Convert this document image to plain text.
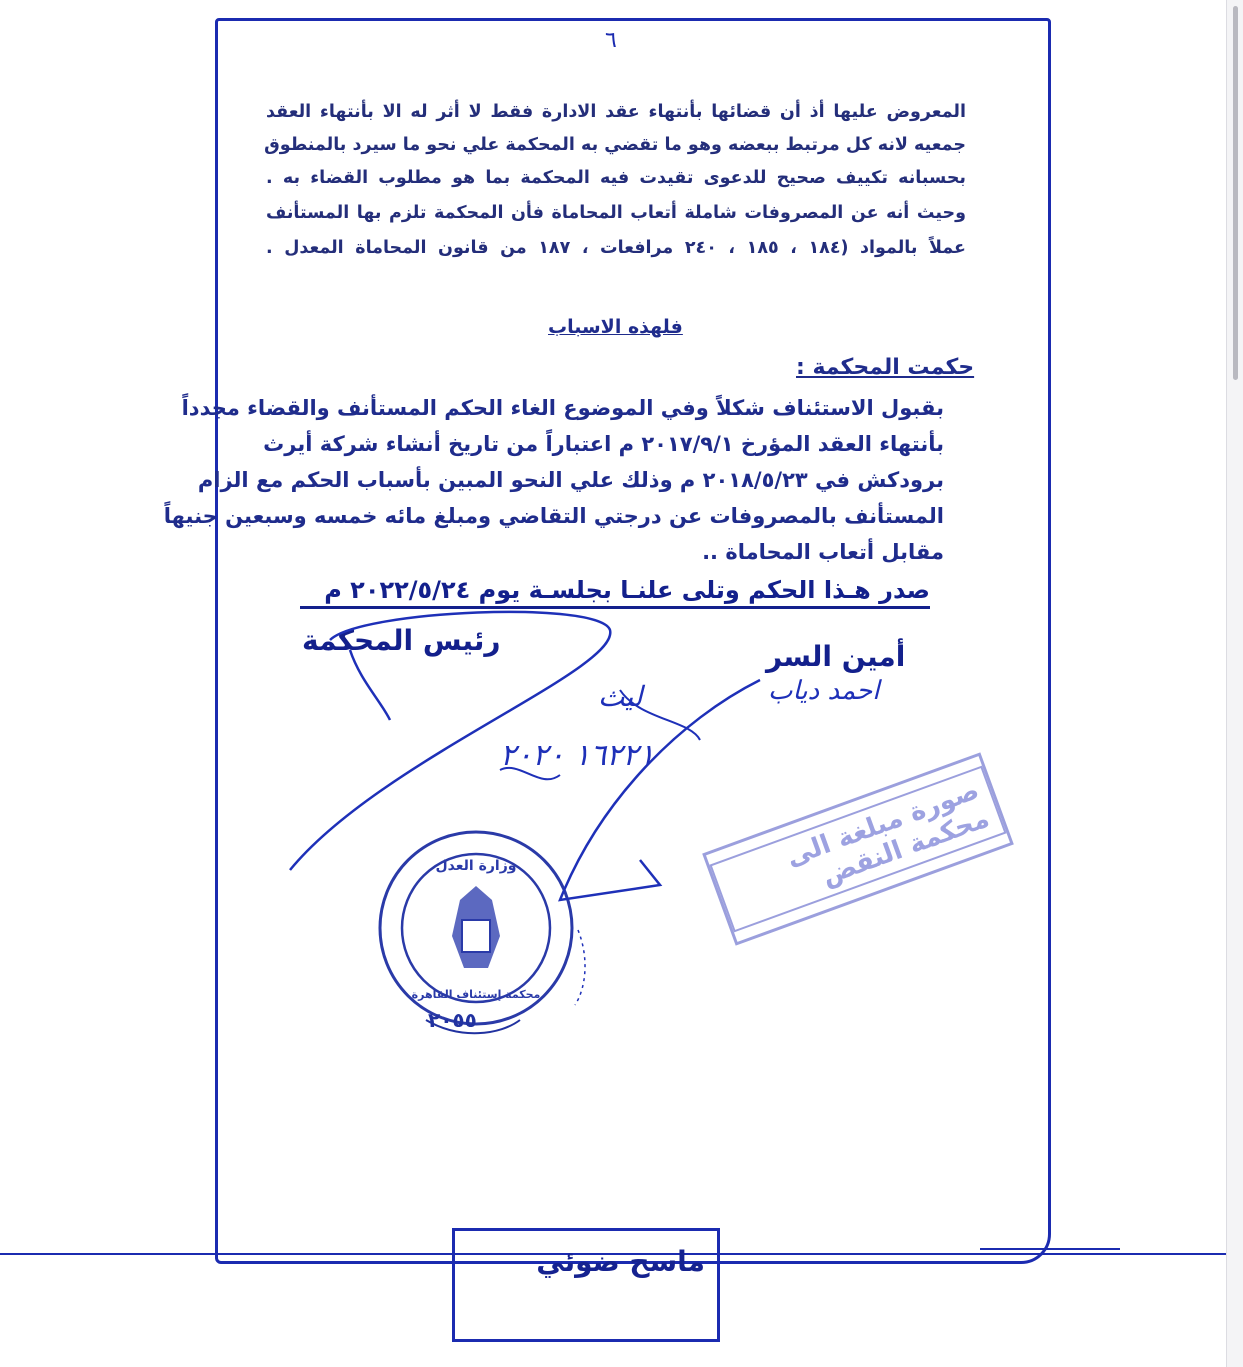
٦
المعروض عليها أذ أن قضائها بأنتهاء عقد الادارة فقط لا أثر له الا بأنتهاء العقد
جمعيه لانه كل مرتبط ببعضه وهو ما تقضي به المحكمة علي نحو ما سيرد بالمنطوق
بحسبانه تكييف صحيح للدعوى تقيدت فيه المحكمة بما هو مطلوب القضاء به .
وحيث أنه عن المصروفات شاملة أتعاب المحاماة فأن المحكمة تلزم بها المستأنف
عملاً بالمواد (١٨٤ ، ١٨٥ ، ٢٤٠ مرافعات ، ١٨٧ من قانون المحاماة المعدل .
فلهذه الاسباب
حكمت المحكمة :
بقبول الاستئناف شكلاً وفي الموضوع الغاء الحكم المستأنف والقضاء مجدداً
بأنتهاء العقد المؤرخ ٢٠١٧/٩/١ م اعتباراً من تاريخ أنشاء شركة أيرث
برودكش في ٢٠١٨/٥/٢٣ م وذلك علي النحو المبين بأسباب الحكم مع الزام
المستأنف بالمصروفات عن درجتي التقاضي ومبلغ مائه خمسه وسبعين جنيهاً
مقابل أتعاب المحاماة ..
صدر هـذا الحكم وتلى علنـا بجلسـة يوم ٢٠٢٢/٥/٢٤ م
رئيس المحكمة	أمين السر
احمد دياب
ليث
١٦٢٢١ ٢٠٢٠
صورة مبلغة الى محكمة النقض
وزارة العدل
محكمة إستئناف القاهرة
٢٠٥٥
ماسح ضوئي
